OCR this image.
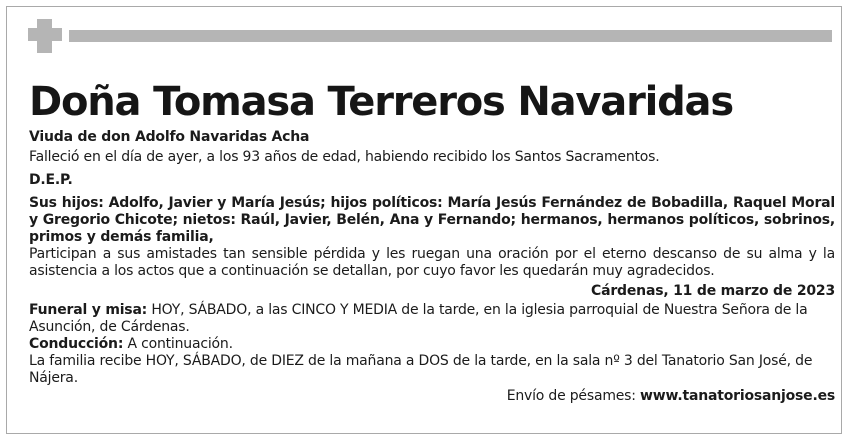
Doña Tomasa Terreros Navaridas

Viuda de don Adolfo Navaridas Acha

Falleció en el día de ayer, a los 93 años de edad, habiendo recibido los Santos Sacramentos.

D.E.P.

Sus hijos: Adolfo, Javier y María Jesús; hijos políticos: María Jesús Fernández de Bobadilla, Raquel Moral y Gregorio Chicote; nietos: Raúl, Javier, Belén, Ana y Fernando; hermanos, hermanos políticos, sobrinos, primos y demás familia,

Participan a sus amistades tan sensible pérdida y les ruegan una oración por el eterno descanso de su alma y la asistencia a los actos que a continuación se detallan, por cuyo favor les quedarán muy agradecidos.

Cárdenas, 11 de marzo de 2023

Funeral y misa: HOY, SÁBADO, a las CINCO Y MEDIA de la tarde, en la iglesia parroquial de Nuestra Señora de la Asunción, de Cárdenas.

Conducción: A continuación.

La familia recibe HOY, SÁBADO, de DIEZ de la mañana a DOS de la tarde, en la sala nº 3 del Tanatorio San José, de Nájera.

Envío de pésames: www.tanatoriosanjose.es
